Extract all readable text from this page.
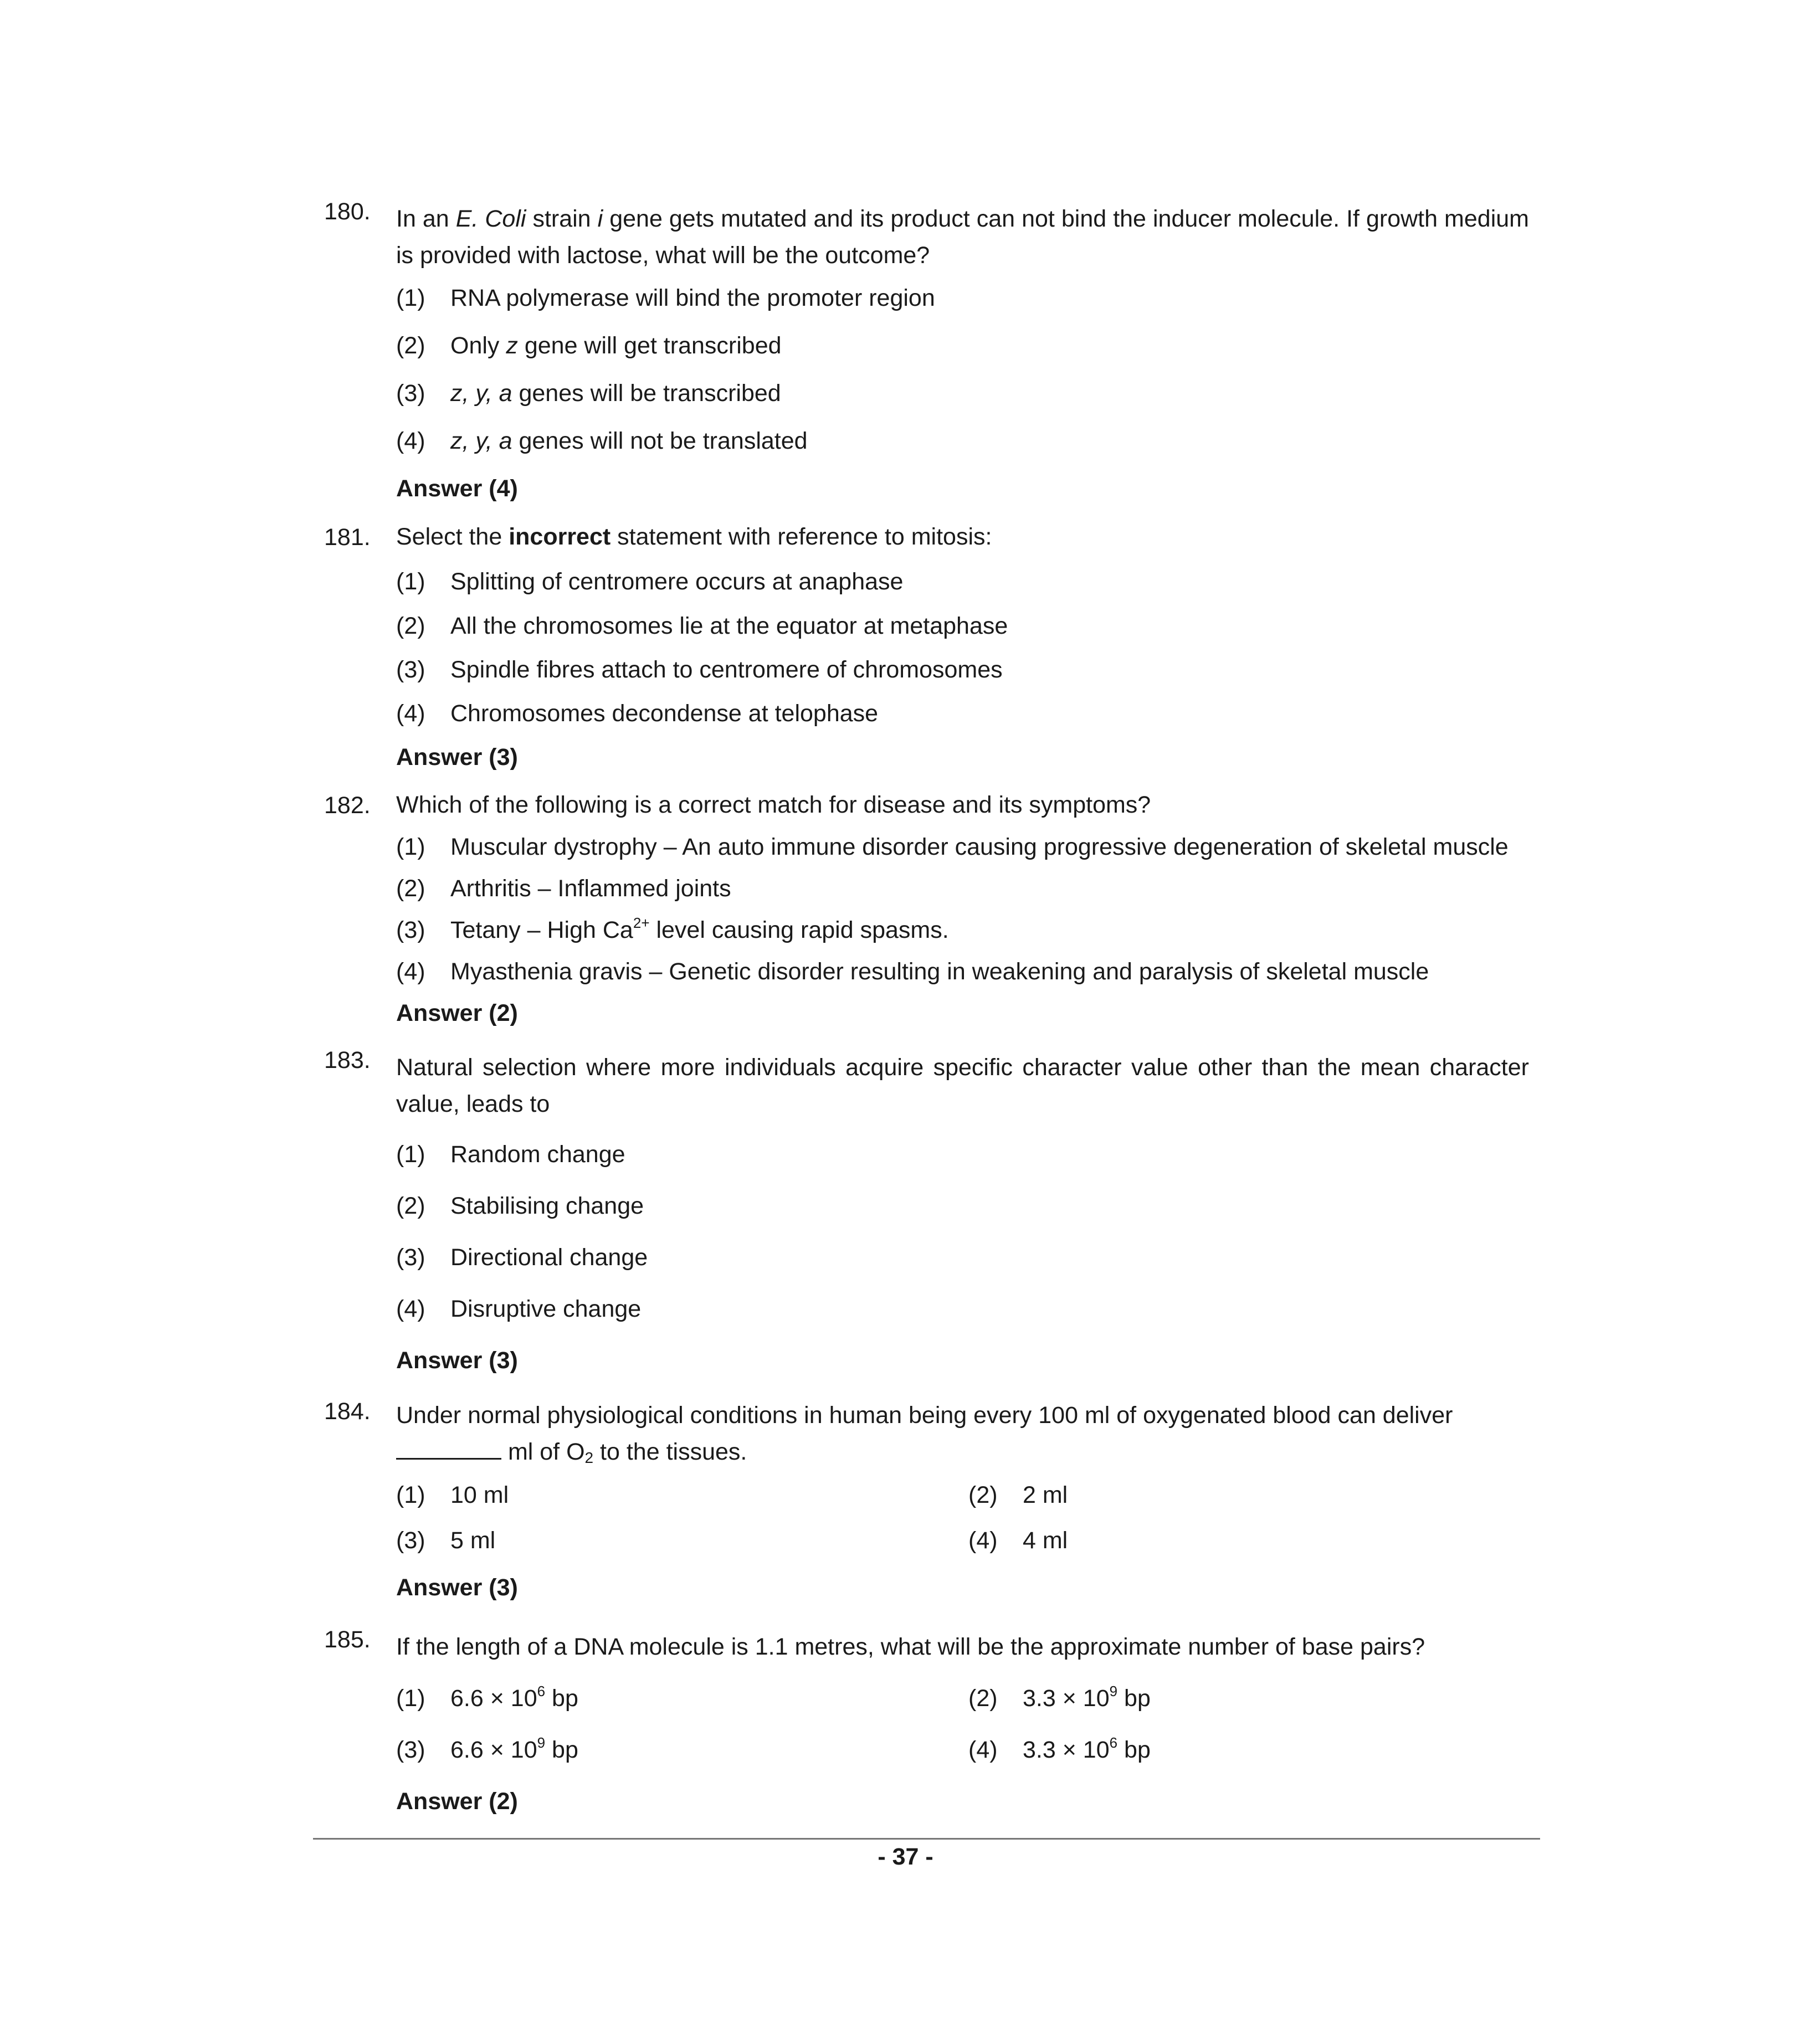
180. In an E. Coli strain i gene gets mutated and its product can not bind the inducer molecule. If growth medium is provided with lactose, what will be the outcome?
(1) RNA polymerase will bind the promoter region
(2) Only z gene will get transcribed
(3) z, y, a genes will be transcribed
(4) z, y, a genes will not be translated
Answer (4)
181. Select the incorrect statement with reference to mitosis:
(1) Splitting of centromere occurs at anaphase
(2) All the chromosomes lie at the equator at metaphase
(3) Spindle fibres attach to centromere of chromosomes
(4) Chromosomes decondense at telophase
Answer (3)
182. Which of the following is a correct match for disease and its symptoms?
(1) Muscular dystrophy – An auto immune disorder causing progressive degeneration of skeletal muscle
(2) Arthritis – Inflammed joints
(3) Tetany – High $Ca^{2+}$ level causing rapid spasms.
(4) Myasthenia gravis – Genetic disorder resulting in weakening and paralysis of skeletal muscle
Answer (2)
183. Natural selection where more individuals acquire specific character value other than the mean character value, leads to
(1) Random change
(2) Stabilising change
(3) Directional change
(4) Disruptive change
Answer (3)
184. Under normal physiological conditions in human being every 100 ml of oxygenated blood can deliver
ml of $O_2$ to the tissues.
(1) 10 ml	(2) 2 ml
(3) 5 ml	(4) 4 ml
Answer (3)
185. If the length of a DNA molecule is 1.1 metres, what will be the approximate number of base pairs?
(1) $6.6 \times 10^6$ bp	(2) $3.3 \times 10^9$ bp
(3) $6.6 \times 10^9$ bp	(4) $3.3 \times 10^6$ bp
Answer (2)
- 37 -
